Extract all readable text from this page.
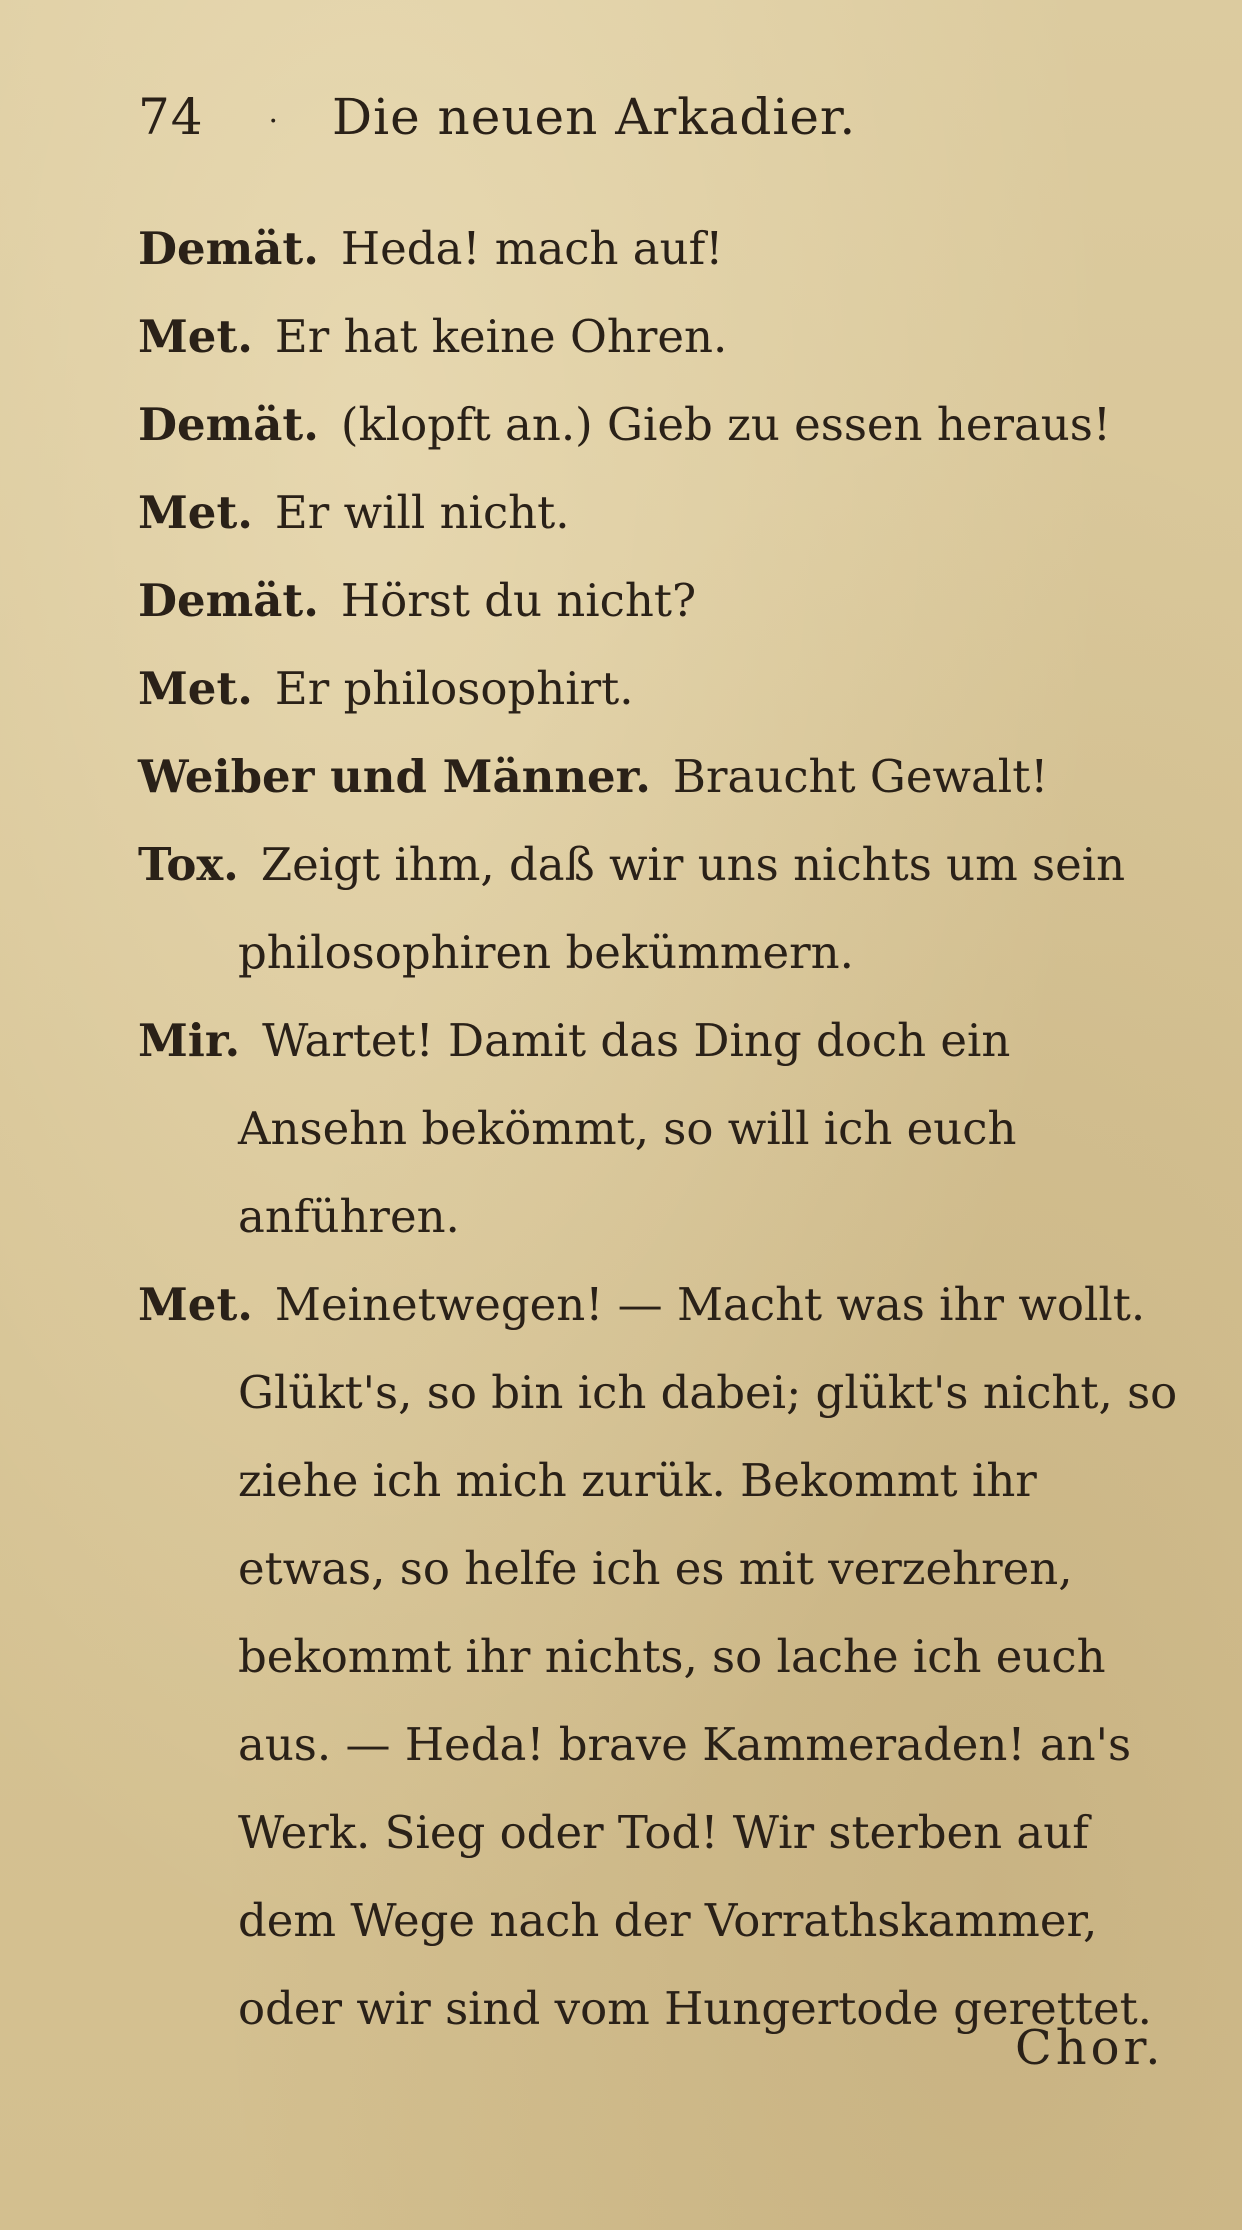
74 · Die neuen Arkadier.

Demät. Heda! mach auf!

Met. Er hat keine Ohren.

Demät. (klopft an.) Gieb zu essen heraus!

Met. Er will nicht.

Demät. Hörst du nicht?

Met. Er philosophirt.

Weiber und Männer. Braucht Gewalt!

Tox. Zeigt ihm, daß wir uns nichts um sein philosophiren bekümmern.

Mir. Wartet! Damit das Ding doch ein Ansehn bekömmt, so will ich euch anführen.

Met. Meinetwegen! — Macht was ihr wollt. Glükt's, so bin ich dabei; glükt's nicht, so ziehe ich mich zurük. Bekommt ihr etwas, so helfe ich es mit verzehren, bekommt ihr nichts, so lache ich euch aus. — Heda! brave Kammeraden! an's Werk. Sieg oder Tod! Wir sterben auf dem Wege nach der Vorrathskammer, oder wir sind vom Hungertode gerettet.

Chor.
